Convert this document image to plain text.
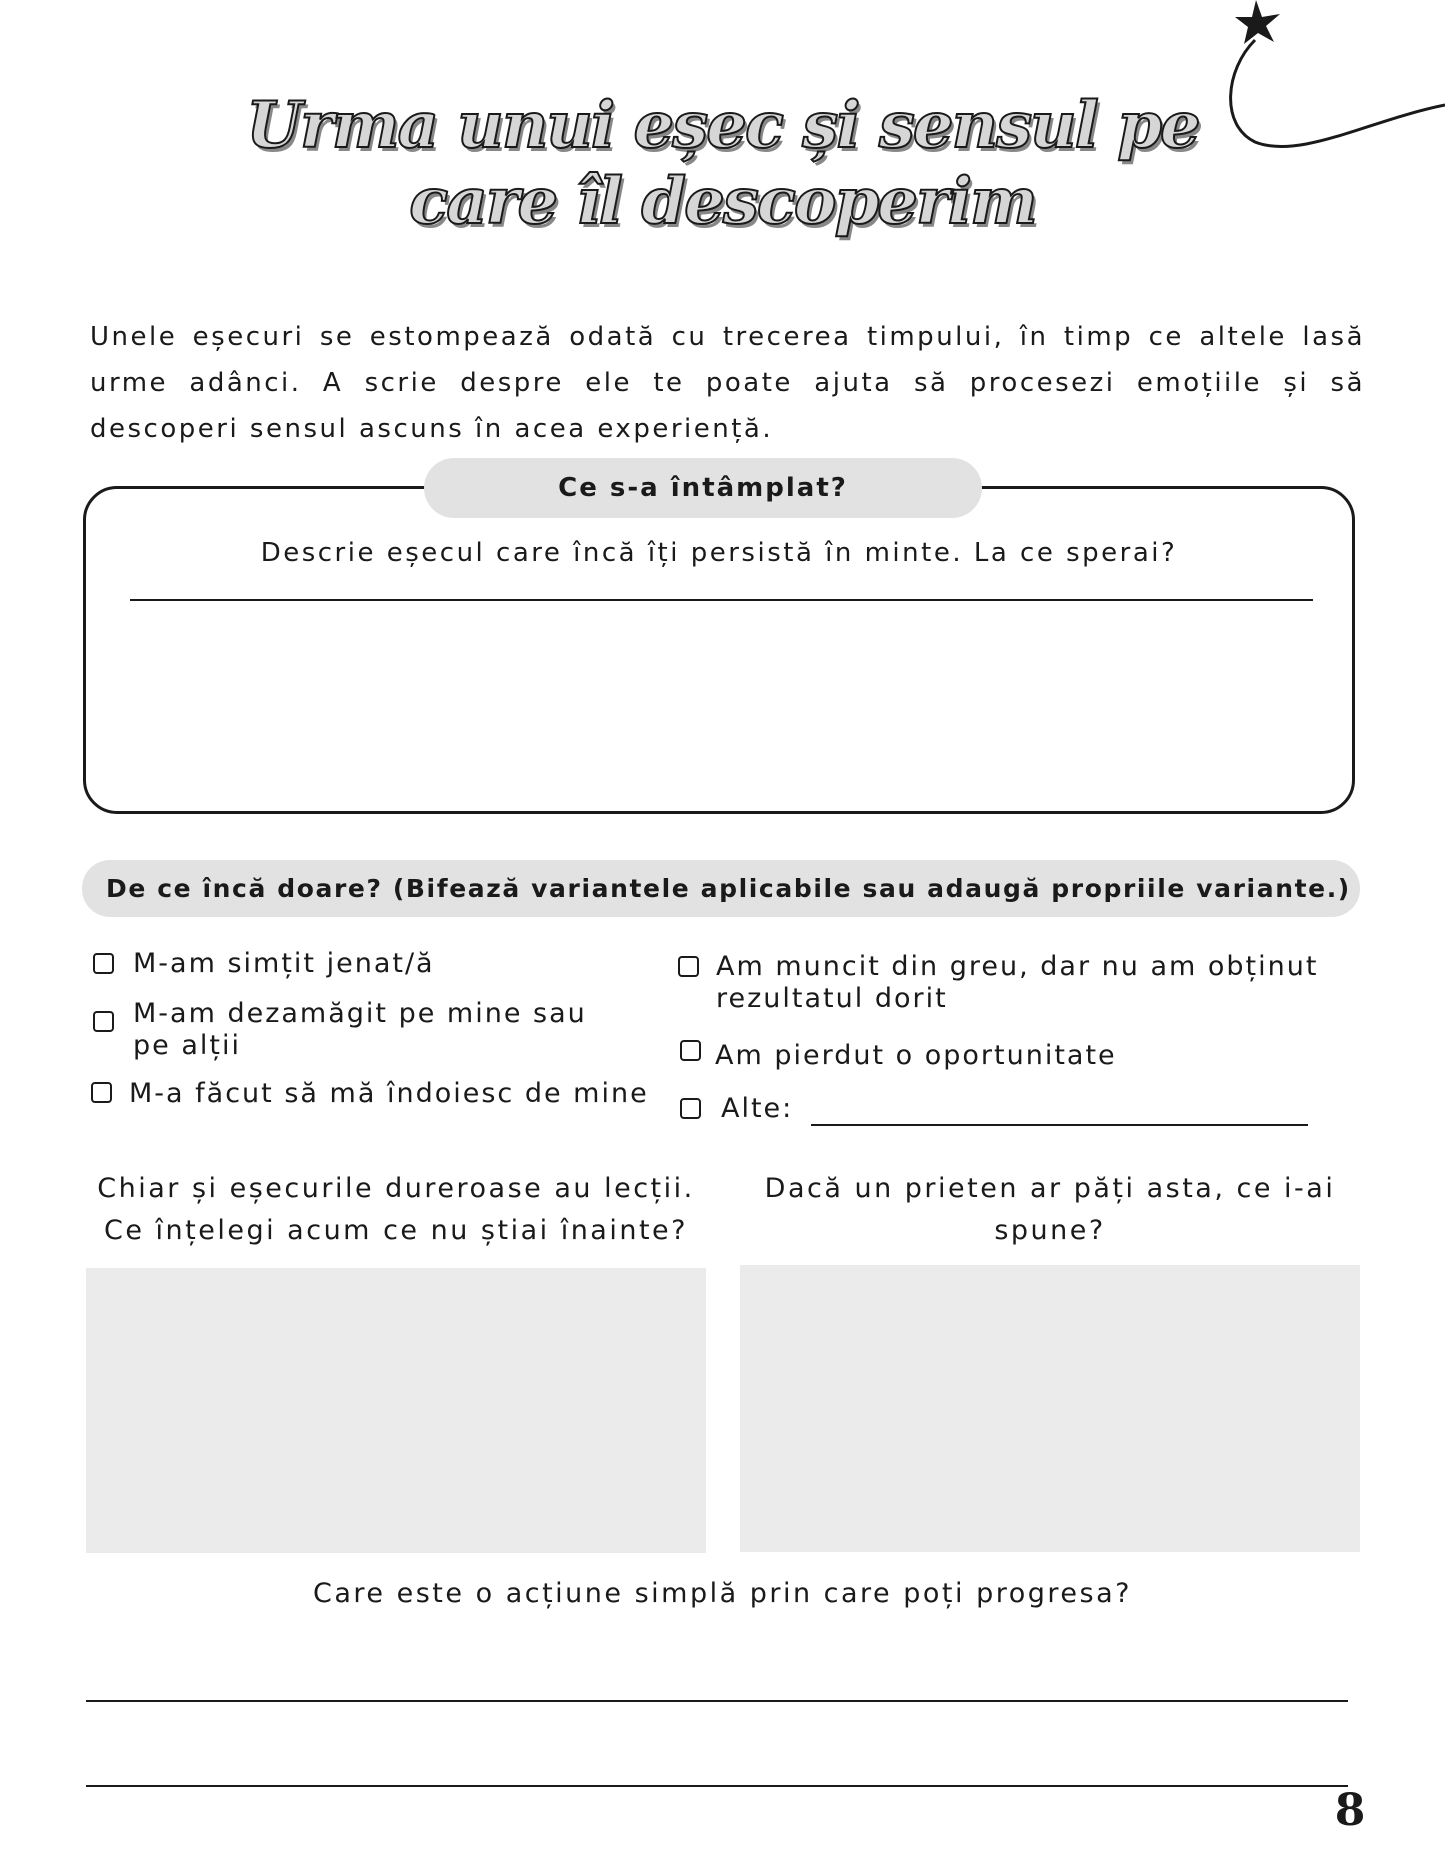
Urma unui eșec și sensul pe
care îl descoperim
Unele eșecuri se estompează odată cu trecerea timpului, în timp ce altele lasă urme adânci. A scrie despre ele te poate ajuta să procesezi emoțiile și să descoperi sensul ascuns în acea experiență.
Ce s-a întâmplat?
Descrie eșecul care încă îți persistă în minte. La ce sperai?
De ce încă doare? (Bifează variantele aplicabile sau adaugă propriile variante.)
M-am simțit jenat/ă
M-am dezamăgit pe mine sau
pe alții
M-a făcut să mă îndoiesc de mine
Am muncit din greu, dar nu am obținut
rezultatul dorit
Am pierdut o oportunitate
Alte:
Chiar și eșecurile dureroase au lecții.
Ce înțelegi acum ce nu știai înainte?
Dacă un prieten ar păți asta, ce i-ai
spune?
Care este o acțiune simplă prin care poți progresa?
8
